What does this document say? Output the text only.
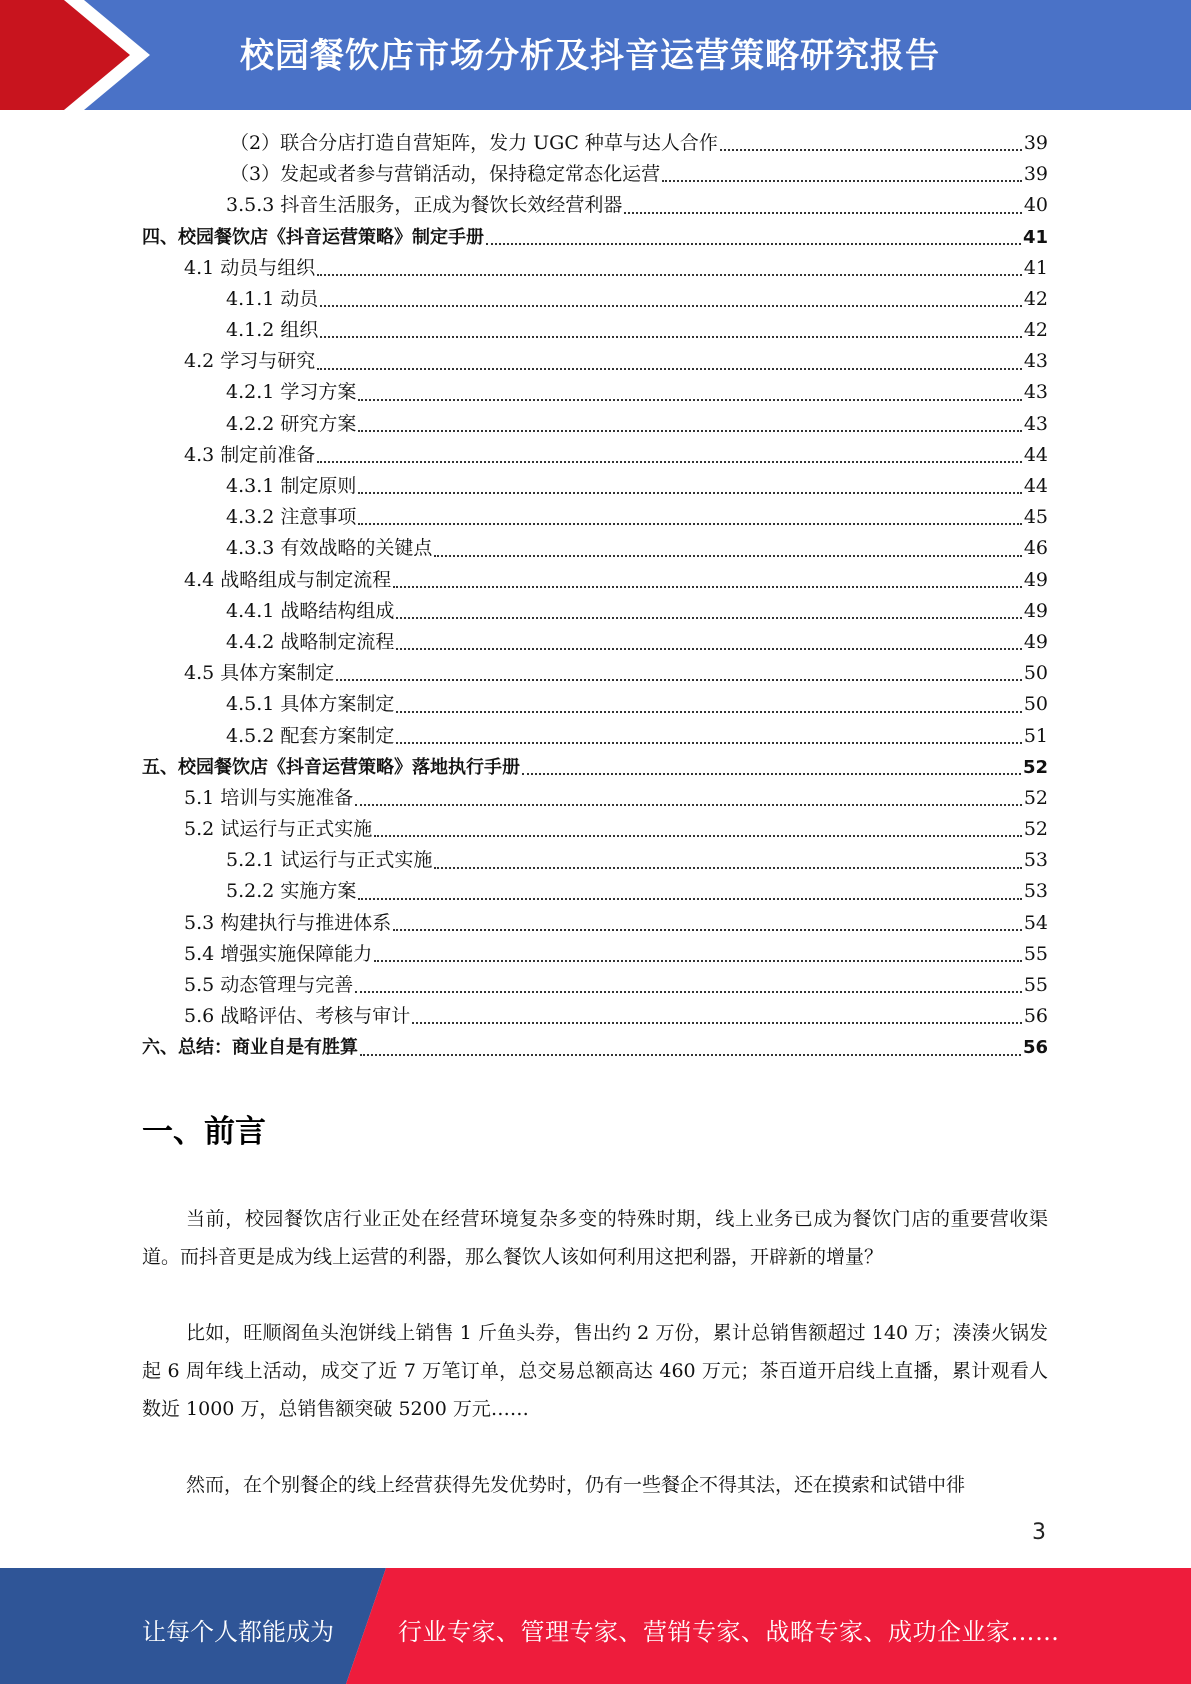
校园餐饮店市场分析及抖音运营策略研究报告
（2）联合分店打造自营矩阵，发力 UGC 种草与达人合作	39
（3）发起或者参与营销活动，保持稳定常态化运营	39
3.5.3 抖音生活服务，正成为餐饮长效经营利器	40
四、校园餐饮店《抖音运营策略》制定手册	41
4.1 动员与组织	41
4.1.1 动员	42
4.1.2 组织	42
4.2 学习与研究	43
4.2.1 学习方案	43
4.2.2 研究方案	43
4.3 制定前准备	44
4.3.1 制定原则	44
4.3.2 注意事项	45
4.3.3 有效战略的关键点	46
4.4 战略组成与制定流程	49
4.4.1 战略结构组成	49
4.4.2 战略制定流程	49
4.5 具体方案制定	50
4.5.1 具体方案制定	50
4.5.2 配套方案制定	51
五、校园餐饮店《抖音运营策略》落地执行手册	52
5.1 培训与实施准备	52
5.2 试运行与正式实施	52
5.2.1 试运行与正式实施	53
5.2.2 实施方案	53
5.3 构建执行与推进体系	54
5.4 增强实施保障能力	55
5.5 动态管理与完善	55
5.6 战略评估、考核与审计	56
六、总结：商业自是有胜算	56
一、前言
当前，校园餐饮店行业正处在经营环境复杂多变的特殊时期，线上业务已成为餐饮门店的重要营收渠道。而抖音更是成为线上运营的利器，那么餐饮人该如何利用这把利器，开辟新的增量？
比如，旺顺阁鱼头泡饼线上销售 1 斤鱼头券，售出约 2 万份，累计总销售额超过 140 万；湊湊火锅发起 6 周年线上活动，成交了近 7 万笔订单，总交易总额高达 460 万元；茶百道开启线上直播，累计观看人数近 1000 万，总销售额突破 5200 万元……
然而，在个别餐企的线上经营获得先发优势时，仍有一些餐企不得其法，还在摸索和试错中徘
3
让每个人都能成为	行业专家、管理专家、营销专家、战略专家、成功企业家……
